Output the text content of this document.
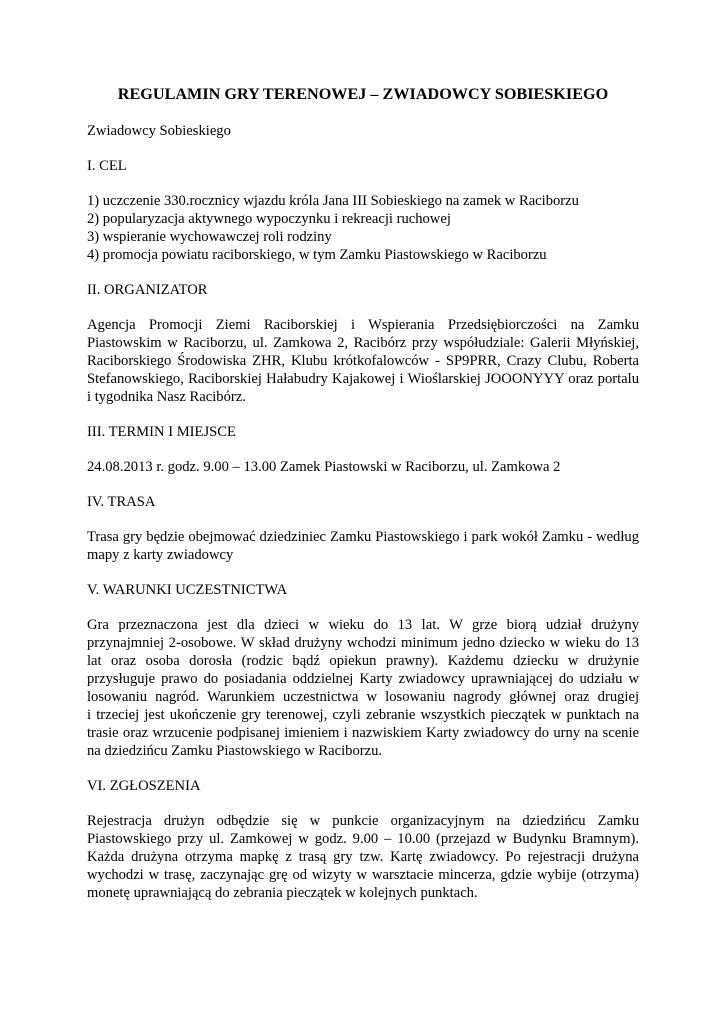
REGULAMIN GRY TERENOWEJ – ZWIADOWCY SOBIESKIEGO

Zwiadowcy Sobieskiego

I. CEL

1) uczczenie 330.rocznicy wjazdu króla Jana III Sobieskiego na zamek w Raciborzu

2) popularyzacja aktywnego wypoczynku i rekreacji ruchowej

3) wspieranie wychowawczej roli rodziny

4) promocja powiatu raciborskiego, w tym Zamku Piastowskiego w Raciborzu

II. ORGANIZATOR

Agencja Promocji Ziemi Raciborskiej i Wspierania Przedsiębiorczości na Zamku
Piastowskim w Raciborzu, ul. Zamkowa 2, Racibórz przy współudziale: Galerii Młyńskiej,
Raciborskiego Środowiska ZHR, Klubu krótkofalowców - SP9PRR, Crazy Clubu, Roberta
Stefanowskiego, Raciborskiej Hałabudry Kajakowej i Wioślarskiej JOOONYYY oraz portalu
i tygodnika Nasz Racibórz.

III. TERMIN I MIEJSCE

24.08.2013 r. godz. 9.00 – 13.00 Zamek Piastowski w Raciborzu, ul. Zamkowa 2

IV. TRASA

Trasa gry będzie obejmować dziedziniec Zamku Piastowskiego i park wokół Zamku - według
mapy z karty zwiadowcy

V. WARUNKI UCZESTNICTWA

Gra przeznaczona jest dla dzieci w wieku do 13 lat. W grze biorą udział drużyny
przynajmniej 2-osobowe. W skład drużyny wchodzi minimum jedno dziecko w wieku do 13
lat oraz osoba dorosła (rodzic bądź opiekun prawny). Każdemu dziecku w drużynie
przysługuje prawo do posiadania oddzielnej Karty zwiadowcy uprawniającej do udziału w
losowaniu nagród. Warunkiem uczestnictwa w losowaniu nagrody głównej oraz drugiej
i trzeciej jest ukończenie gry terenowej, czyli zebranie wszystkich pieczątek w punktach na
trasie oraz wrzucenie podpisanej imieniem i nazwiskiem Karty zwiadowcy do urny na scenie
na dziedzińcu Zamku Piastowskiego w Raciborzu.

VI. ZGŁOSZENIA

Rejestracja drużyn odbędzie się w punkcie organizacyjnym na dziedzińcu Zamku
Piastowskiego przy ul. Zamkowej w godz. 9.00 – 10.00 (przejazd w Budynku Bramnym).
Każda drużyna otrzyma mapkę z trasą gry tzw. Kartę zwiadowcy. Po rejestracji drużyna
wychodzi w trasę, zaczynając grę od wizyty w warsztacie mincerza, gdzie wybije (otrzyma)
monetę uprawniającą do zebrania pieczątek w kolejnych punktach.
